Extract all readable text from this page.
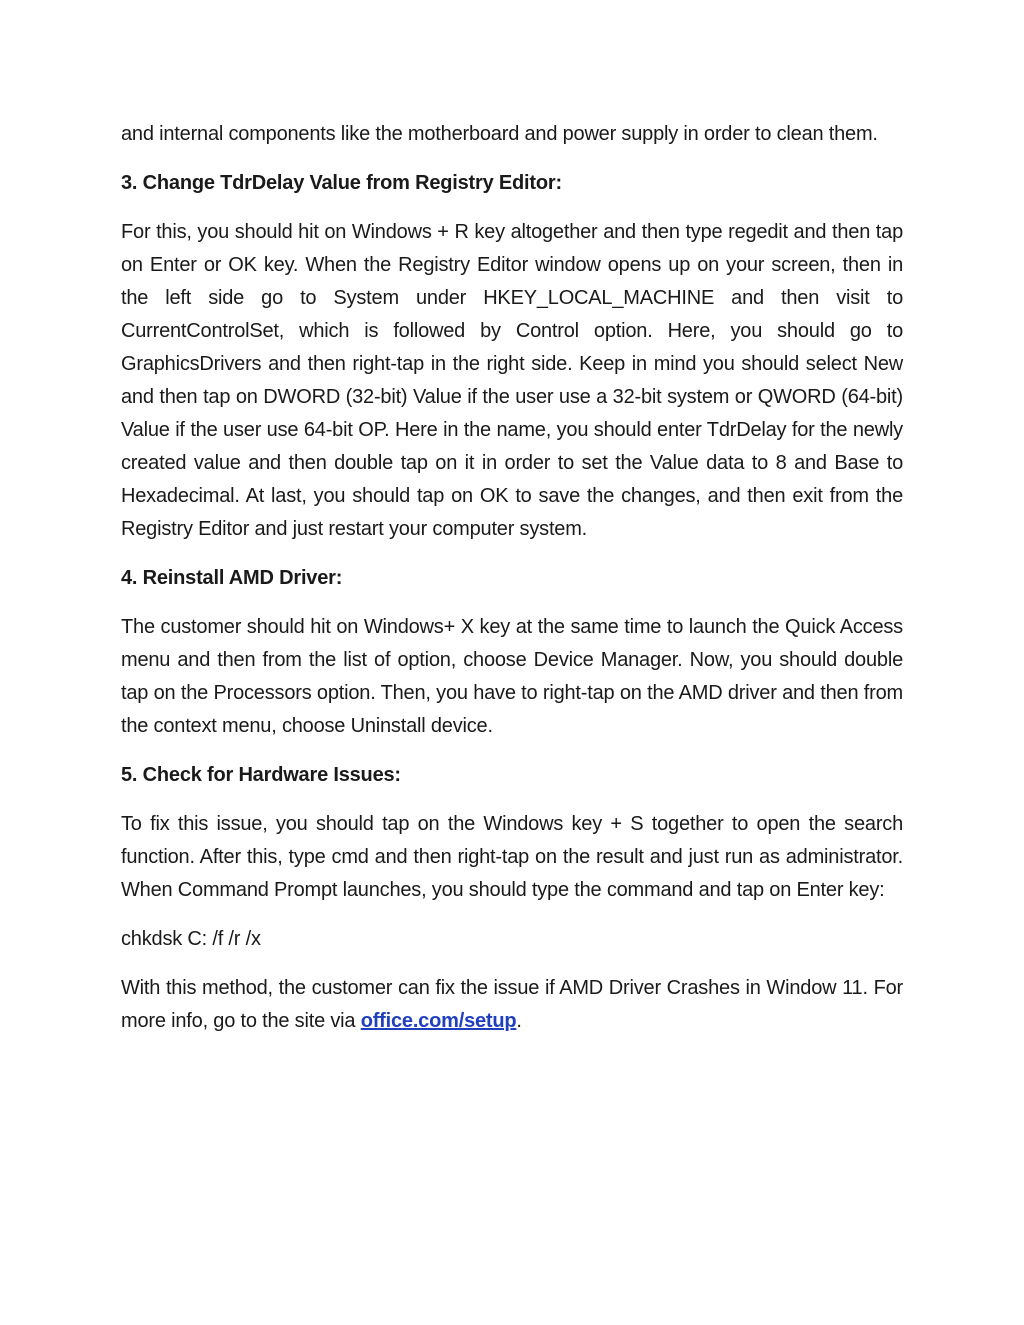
and internal components like the motherboard and power supply in order to clean them.

3. Change TdrDelay Value from Registry Editor:

For this, you should hit on Windows + R key altogether and then type regedit and then tap on Enter or OK key. When the Registry Editor window opens up on your screen, then in the left side go to System under HKEY_LOCAL_MACHINE and then visit to CurrentControlSet, which is followed by Control option. Here, you should go to GraphicsDrivers and then right-tap in the right side. Keep in mind you should select New and then tap on DWORD (32-bit) Value if the user use a 32-bit system or QWORD (64-bit) Value if the user use 64-bit OP. Here in the name, you should enter TdrDelay for the newly created value and then double tap on it in order to set the Value data to 8 and Base to Hexadecimal. At last, you should tap on OK to save the changes, and then exit from the Registry Editor and just restart your computer system.

4. Reinstall AMD Driver:

The customer should hit on Windows+ X key at the same time to launch the Quick Access menu and then from the list of option, choose Device Manager. Now, you should double tap on the Processors option. Then, you have to right-tap on the AMD driver and then from the context menu, choose Uninstall device.

5. Check for Hardware Issues:

To fix this issue, you should tap on the Windows key + S together to open the search function. After this, type cmd and then right-tap on the result and just run as administrator. When Command Prompt launches, you should type the command and tap on Enter key:

chkdsk C: /f /r /x

With this method, the customer can fix the issue if AMD Driver Crashes in Window 11. For more info, go to the site via office.com/setup.
